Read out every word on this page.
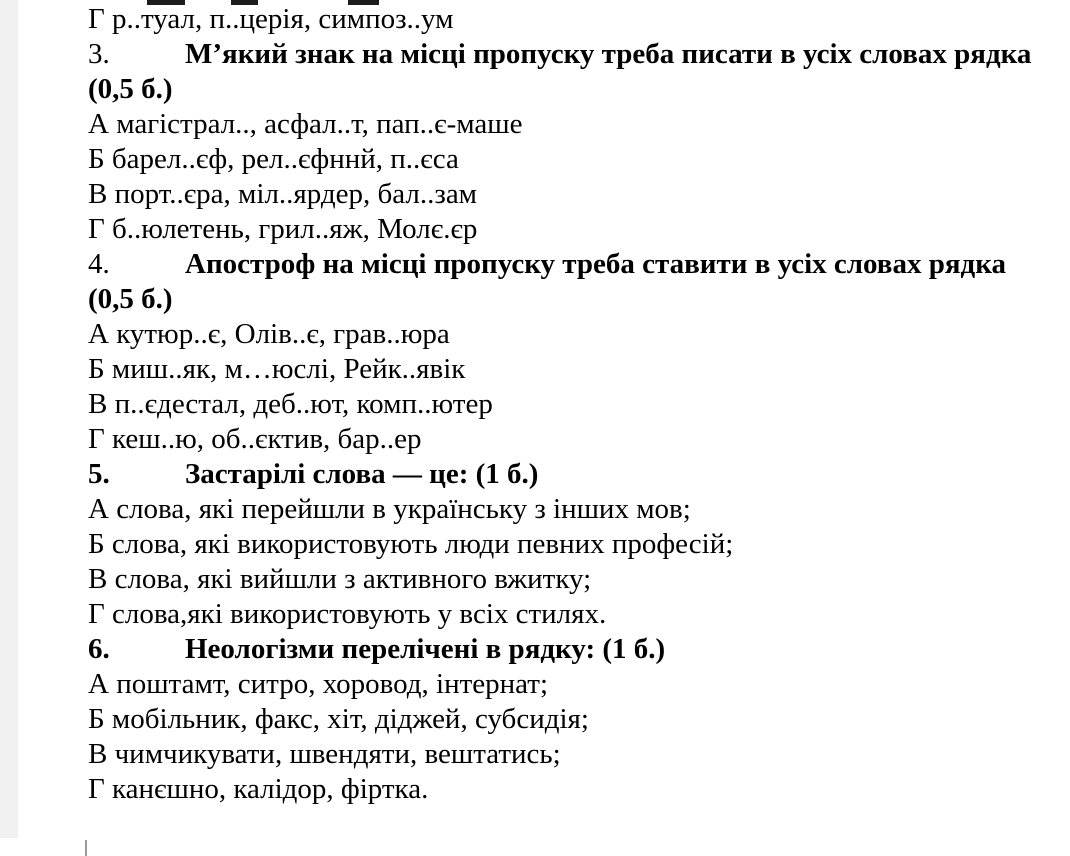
Г р..туал, п..церія, симпоз..ум
3.	М’який знак на місці пропуску треба писати в усіх словах рядка
(0,5 б.)
А магістрал.., асфал..т, пап..є-маше
Б барел..єф, рел..єфннй, п..єса
В порт..єра, міл..ярдер, бал..зам
Г б..юлетень, грил..яж, Молє.єр
4.	Апостроф на місці пропуску треба ставити в усіх словах рядка
(0,5 б.)
А кутюр..є, Олів..є, грав..юра
Б миш..як, м…юслі, Рейк..явік
В п..єдестал, деб..ют, комп..ютер
Г кеш..ю, об..єктив, бар..ер
5.	Застарілі слова — це: (1 б.)
А слова, які перейшли в українську з інших мов;
Б слова, які використовують люди певних професій;
В слова, які вийшли з активного вжитку;
Г слова,які використовують у всіх стилях.
6.	Неологізми перелічені в рядку: (1 б.)
А поштамт, ситро, хоровод, інтернат;
Б мобільник, факс, хіт, діджей, субсидія;
В чимчикувати, швендяти, вештатись;
Г канєшно, калідор, фіртка.
